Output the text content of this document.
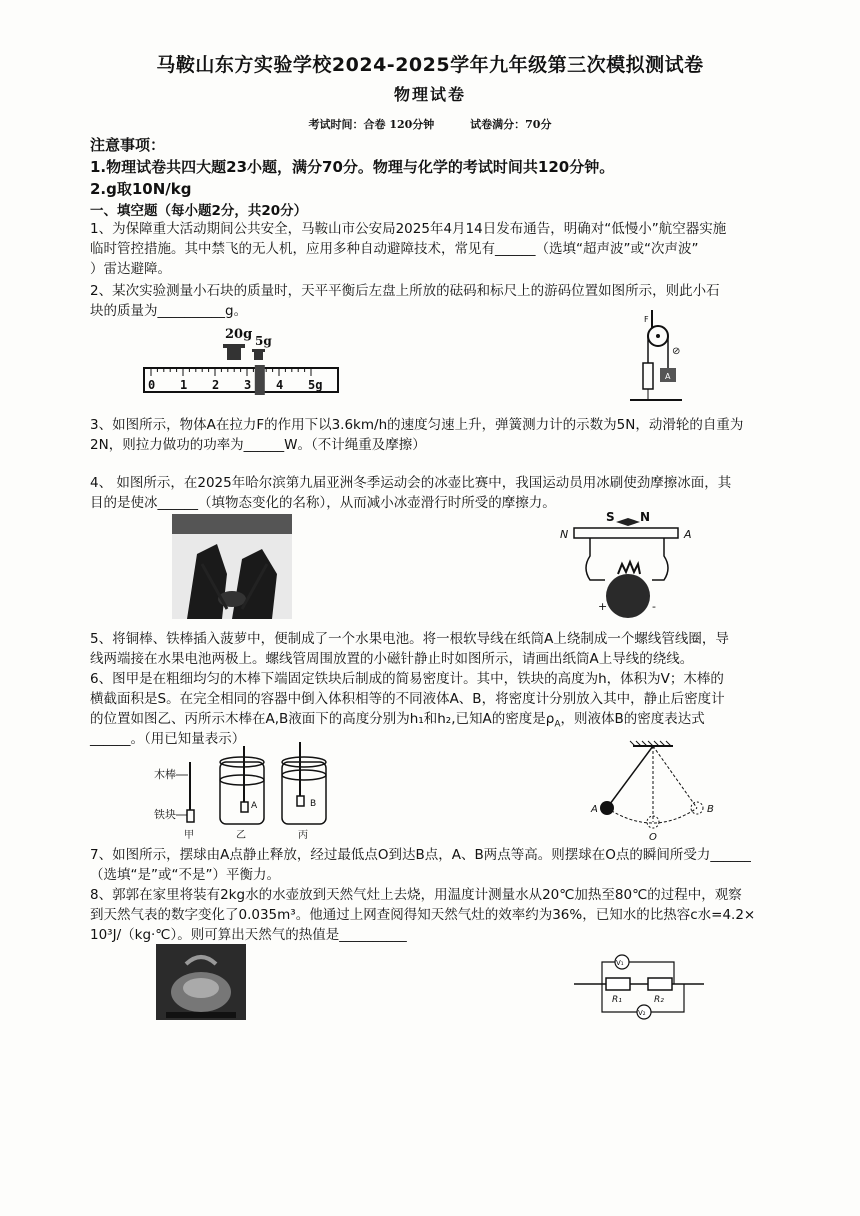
马鞍山东方实验学校2024-2025学年九年级第三次模拟测试卷
物理试卷
考试时间：合卷 120分钟	试卷满分：70分
注意事项：
1.物理试卷共四大题23小题，满分70分。物理与化学的考试时间共120分钟。
2.g取10N/kg
一、填空题（每小题2分，共20分）
1、为保障重大活动期间公共安全，马鞍山市公安局2025年4月14日发布通告，明确对“低慢小”航空器实施
临时管控措施。其中禁飞的无人机，应用多种自动避障技术，常见有______（选填“超声波”或“次声波”
）雷达避障。
2、某次实验测量小石块的质量时，天平平衡后左盘上所放的砝码和标尺上的游码位置如图所示，则此小石
块的质量为__________g。
20g 5g
0 1 2 3 4 5g
F
A
⊘
3、如图所示，物体A在拉力F的作用下以3.6km/h的速度匀速上升，弹簧测力计的示数为5N，动滑轮的自重为
2N，则拉力做功的功率为______W。（不计绳重及摩擦）
4、 如图所示，在2025年哈尔滨第九届亚洲冬季运动会的冰壶比赛中，我国运动员用冰刷使劲摩擦冰面，其
目的是使冰______（填物态变化的名称），从而减小冰壶滑行时所受的摩擦力。
S N
N	A
+	-
5、将铜棒、铁棒插入菠萝中，便制成了一个水果电池。将一根软导线在纸筒A上绕制成一个螺线管线圈，导
线两端接在水果电池两极上。螺线管周围放置的小磁针静止时如图所示，请画出纸筒A上导线的绕线。
6、图甲是在粗细均匀的木棒下端固定铁块后制成的简易密度计。其中，铁块的高度为h，体积为V；木棒的
横截面积是S。在完全相同的容器中倒入体积相等的不同液体A、B，将密度计分别放入其中，静止后密度计
的位置如图乙、丙所示木棒在A,B液面下的高度分别为h₁和h₂,已知A的密度是$\rho_A$，则液体B的密度表达式
______。（用已知量表示）
木棒
铁块
A	B
甲	乙	丙
A
O
B
7、如图所示，摆球由A点静止释放，经过最低点O到达B点，A、B两点等高。则摆球在O点的瞬间所受力______
（选填“是”或“不是”）平衡力。
8、郭郭在家里将装有2kg水的水壶放到天然气灶上去烧，用温度计测量水从20℃加热至80℃的过程中，观察
到天然气表的数字变化了0.035m³。他通过上网查阅得知天然气灶的效率约为36%，已知水的比热容c水=4.2×
10³J/（kg·℃）。则可算出天然气的热值是__________
R₁	R₂
V₁
V₂
